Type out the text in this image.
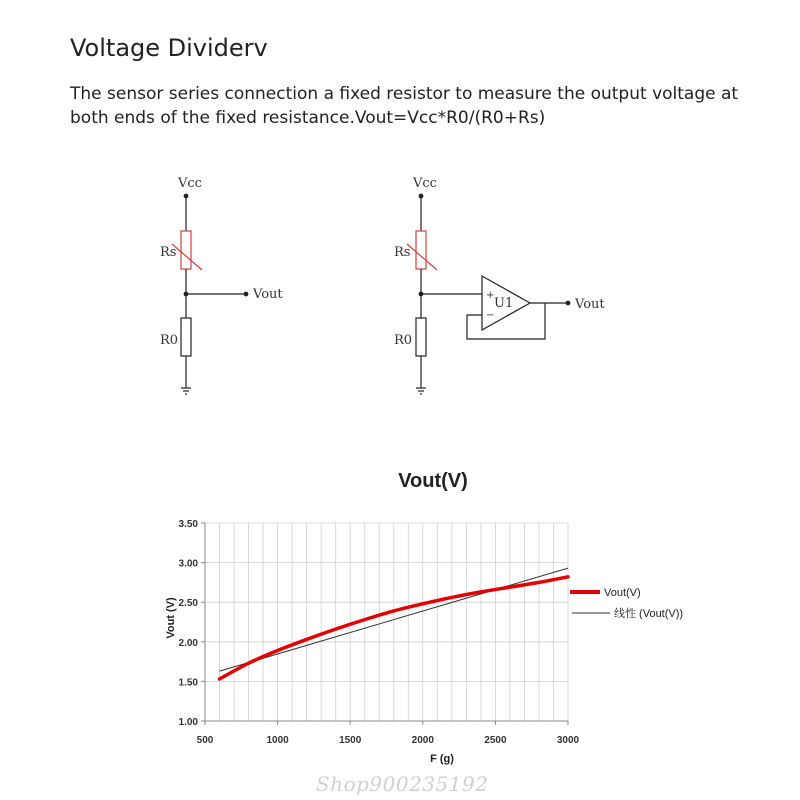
Voltage Dividerv
The sensor series connection a fixed resistor to measure the output voltage at both ends of the fixed resistance.Vout=Vcc*R0/(R0+Rs)
Vcc
Rs
Vout
R0
Vcc
Rs
+
−
U1	Vout
R0
Vout(V)
1.00
1.50
2.00
2.50
3.00
3.50
500	1000	1500	2000	2500	3000
F (g)
Vout (V)
Vout(V)
线性 (Vout(V))
Shop900235192
